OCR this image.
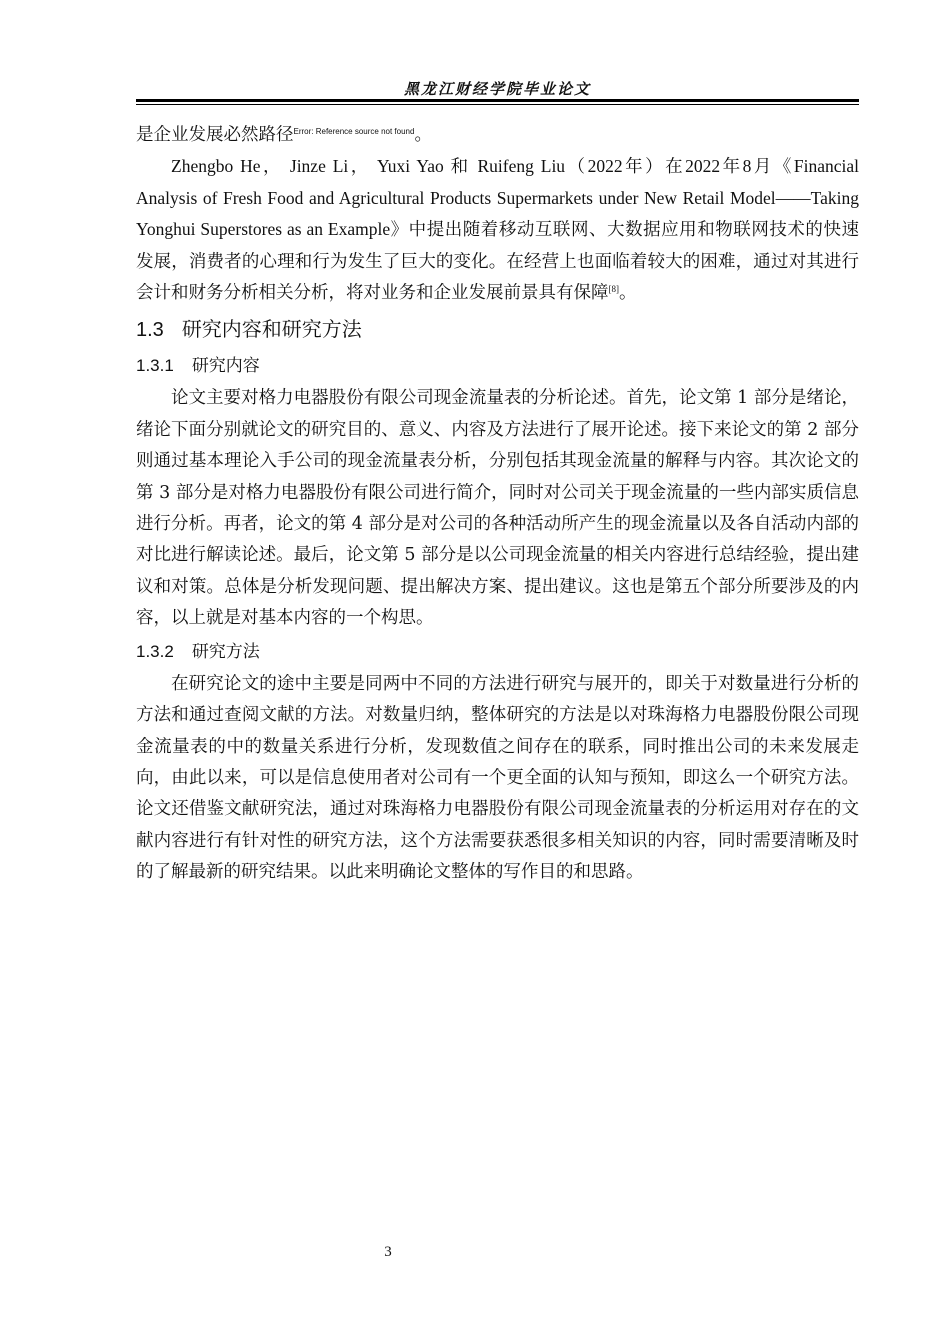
黑龙江财经学院毕业论文

是企业发展必然路径$^{Error: Reference source not found}$。

Zhengbo He， Jinze Li， Yuxi Yao 和 Ruifeng Liu（2022年）在2022年8月《Financial Analysis of Fresh Food and Agricultural Products Supermarkets under New Retail Model——Taking Yonghui Superstores as an Example》中提出随着移动互联网、大数据应用和物联网技术的快速发展，消费者的心理和行为发生了巨大的变化。在经营上也面临着较大的困难，通过对其进行会计和财务分析相关分析，将对业务和企业发展前景具有保障[8]。

1.3 研究内容和研究方法
1.3.1 研究内容

论文主要对格力电器股份有限公司现金流量表的分析论述。首先，论文第 1 部分是绪论，绪论下面分别就论文的研究目的、意义、内容及方法进行了展开论述。接下来论文的第 2 部分则通过基本理论入手公司的现金流量表分析，分别包括其现金流量的解释与内容。其次论文的第 3 部分是对格力电器股份有限公司进行简介，同时对公司关于现金流量的一些内部实质信息进行分析。再者，论文的第 4 部分是对公司的各种活动所产生的现金流量以及各自活动内部的对比进行解读论述。最后，论文第 5 部分是以公司现金流量的相关内容进行总结经验，提出建议和对策。总体是分析发现问题、提出解决方案、提出建议。这也是第五个部分所要涉及的内容，以上就是对基本内容的一个构思。

1.3.2 研究方法

在研究论文的途中主要是同两中不同的方法进行研究与展开的，即关于对数量进行分析的方法和通过查阅文献的方法。对数量归纳，整体研究的方法是以对珠海格力电器股份限公司现金流量表的中的数量关系进行分析，发现数值之间存在的联系，同时推出公司的未来发展走向，由此以来，可以是信息使用者对公司有一个更全面的认知与预知，即这么一个研究方法。论文还借鉴文献研究法，通过对珠海格力电器股份有限公司现金流量表的分析运用对存在的文献内容进行有针对性的研究方法，这个方法需要获悉很多相关知识的内容，同时需要清晰及时的了解最新的研究结果。以此来明确论文整体的写作目的和思路。

3
